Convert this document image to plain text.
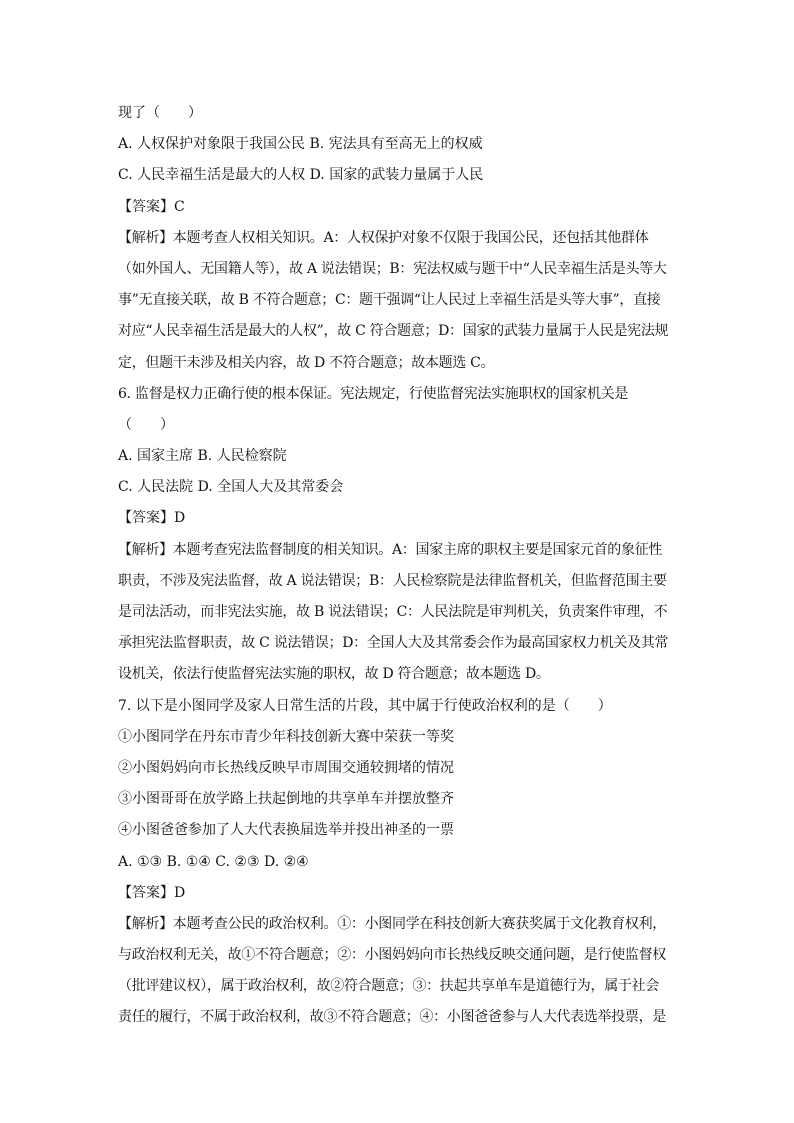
现了（　　）
A. 人权保护对象限于我国公民 B. 宪法具有至高无上的权威
C. 人民幸福生活是最大的人权 D. 国家的武装力量属于人民
【答案】C
【解析】本题考查人权相关知识。A：人权保护对象不仅限于我国公民，还包括其他群体
（如外国人、无国籍人等），故 A 说法错误；B：宪法权威与题干中“人民幸福生活是头等大
事”无直接关联，故 B 不符合题意；C：题干强调“让人民过上幸福生活是头等大事”，直接
对应“人民幸福生活是最大的人权”，故 C 符合题意；D：国家的武装力量属于人民是宪法规
定，但题干未涉及相关内容，故 D 不符合题意；故本题选 C。
6. 监督是权力正确行使的根本保证。宪法规定，行使监督宪法实施职权的国家机关是
（　　）
A. 国家主席 B. 人民检察院
C. 人民法院 D. 全国人大及其常委会
【答案】D
【解析】本题考查宪法监督制度的相关知识。A：国家主席的职权主要是国家元首的象征性
职责，不涉及宪法监督，故 A 说法错误；B：人民检察院是法律监督机关，但监督范围主要
是司法活动，而非宪法实施，故 B 说法错误；C：人民法院是审判机关，负责案件审理，不
承担宪法监督职责，故 C 说法错误；D：全国人大及其常委会作为最高国家权力机关及其常
设机关，依法行使监督宪法实施的职权，故 D 符合题意；故本题选 D。
7. 以下是小图同学及家人日常生活的片段，其中属于行使政治权利的是（　　）
①小图同学在丹东市青少年科技创新大赛中荣获一等奖
②小图妈妈向市长热线反映早市周围交通较拥堵的情况
③小图哥哥在放学路上扶起倒地的共享单车并摆放整齐
④小图爸爸参加了人大代表换届选举并投出神圣的一票
A. ①③ B. ①④ C. ②③ D. ②④
【答案】D
【解析】本题考查公民的政治权利。①：小图同学在科技创新大赛获奖属于文化教育权利，
与政治权利无关，故①不符合题意；②：小图妈妈向市长热线反映交通问题，是行使监督权
（批评建议权），属于政治权利，故②符合题意；③：扶起共享单车是道德行为，属于社会
责任的履行，不属于政治权利，故③不符合题意；④：小图爸爸参与人大代表选举投票，是
